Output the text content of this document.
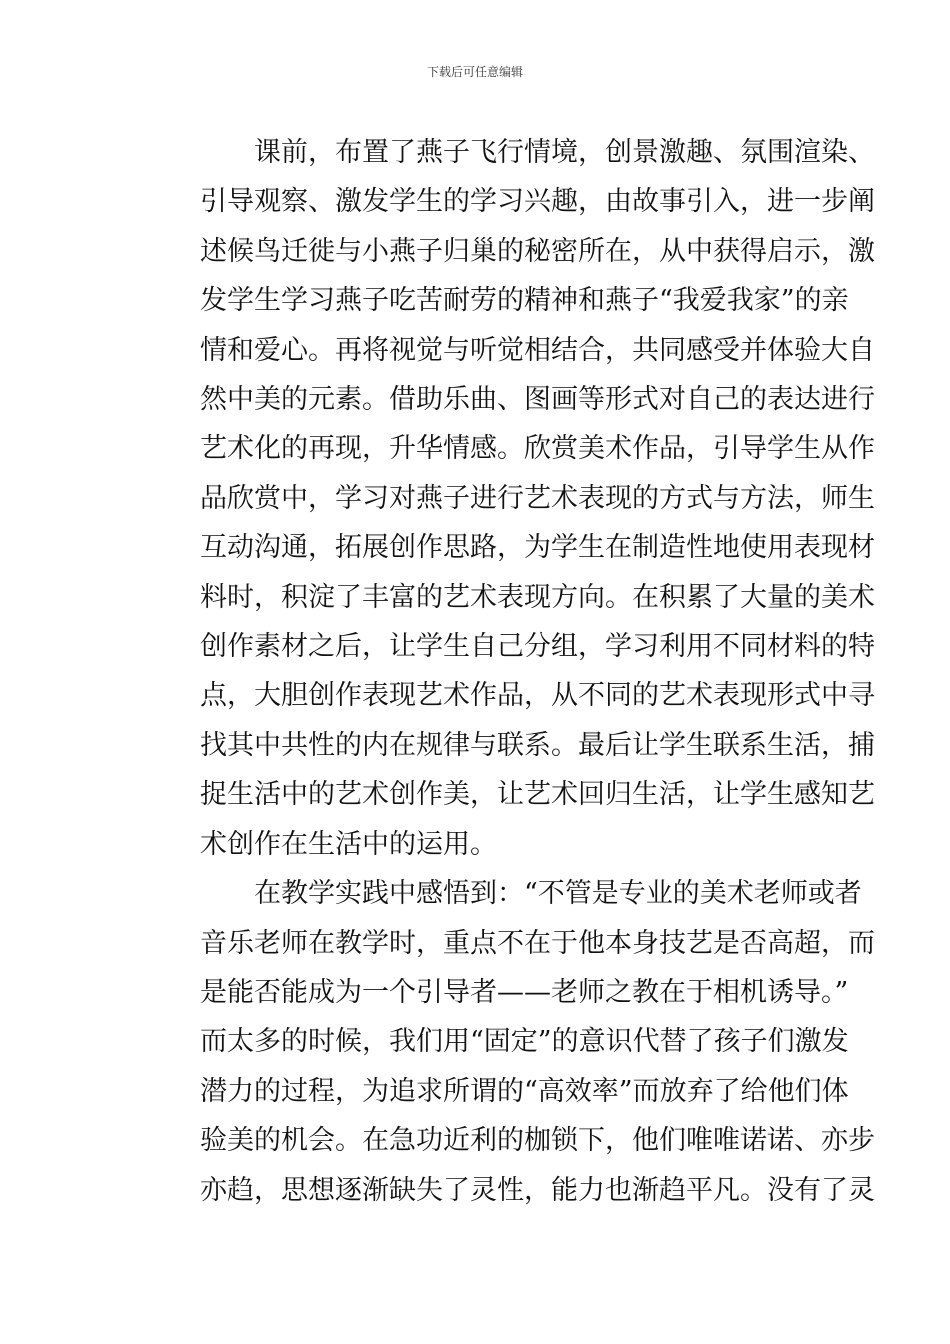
下载后可任意编辑
课前，布置了燕子飞行情境，创景激趣、氛围渲染、
引导观察、激发学生的学习兴趣，由故事引入，进一步阐
述候鸟迁徙与小燕子归巢的秘密所在，从中获得启示，激
发学生学习燕子吃苦耐劳的精神和燕子“我爱我家”的亲
情和爱心。再将视觉与听觉相结合，共同感受并体验大自
然中美的元素。借助乐曲、图画等形式对自己的表达进行
艺术化的再现，升华情感。欣赏美术作品，引导学生从作
品欣赏中，学习对燕子进行艺术表现的方式与方法，师生
互动沟通，拓展创作思路，为学生在制造性地使用表现材
料时，积淀了丰富的艺术表现方向。在积累了大量的美术
创作素材之后，让学生自己分组，学习利用不同材料的特
点，大胆创作表现艺术作品，从不同的艺术表现形式中寻
找其中共性的内在规律与联系。最后让学生联系生活，捕
捉生活中的艺术创作美，让艺术回归生活，让学生感知艺
术创作在生活中的运用。
在教学实践中感悟到：“不管是专业的美术老师或者
音乐老师在教学时，重点不在于他本身技艺是否高超，而
是能否能成为一个引导者——老师之教在于相机诱导。”
而太多的时候，我们用“固定”的意识代替了孩子们激发
潜力的过程，为追求所谓的“高效率”而放弃了给他们体
验美的机会。在急功近利的枷锁下，他们唯唯诺诺、亦步
亦趋，思想逐渐缺失了灵性，能力也渐趋平凡。没有了灵
